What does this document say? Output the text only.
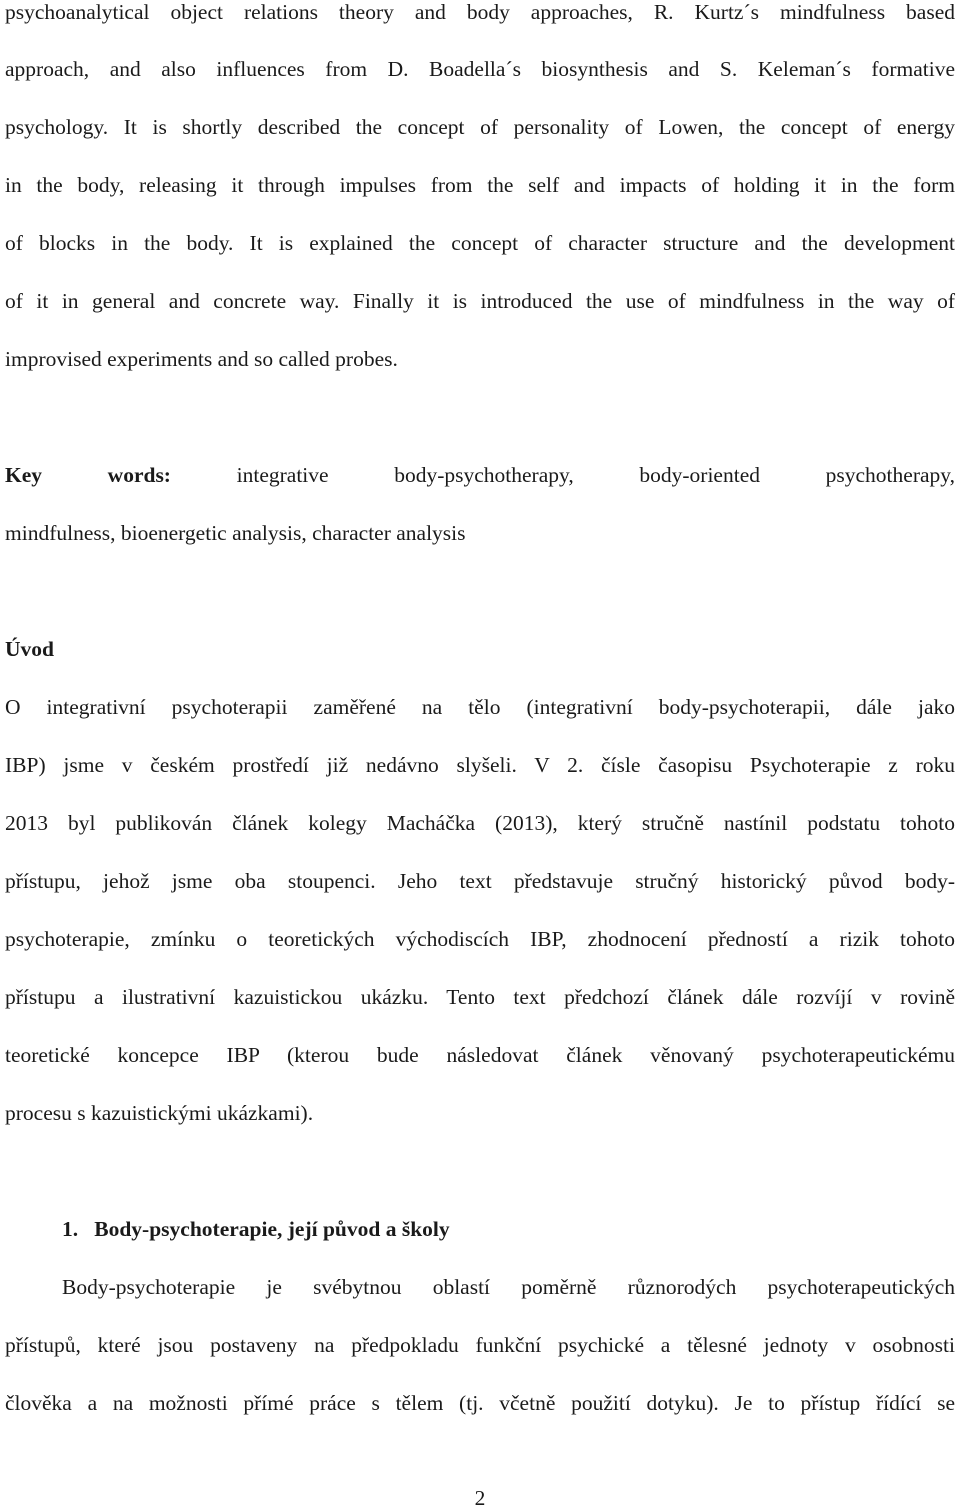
psychoanalytical object relations theory and body approaches, R. Kurtz´s mindfulness based
approach, and also influences from D. Boadella´s biosynthesis and S. Keleman´s formative
psychology. It is shortly described the concept of personality of Lowen, the concept of energy
in the body, releasing it through impulses from the self and impacts of holding it in the form
of blocks in the body. It is explained the concept of character structure and the development
of it in general and concrete way. Finally it is introduced the use of mindfulness in the way of
improvised experiments and so called probes.
Key words:	integrative body-psychotherapy, body-oriented psychotherapy,
mindfulness, bioenergetic analysis, character analysis
Úvod
O integrativní psychoterapii zaměřené na tělo (integrativní body-psychoterapii, dále jako
IBP) jsme v českém prostředí již nedávno slyšeli. V 2. čísle časopisu Psychoterapie z roku
2013 byl publikován článek kolegy Macháčka (2013), který stručně nastínil podstatu tohoto
přístupu, jehož jsme oba stoupenci. Jeho text představuje stručný historický původ body-
psychoterapie, zmínku o teoretických východiscích IBP, zhodnocení předností a rizik tohoto
přístupu a ilustrativní kazuistickou ukázku. Tento text předchozí článek dále rozvíjí v rovině
teoretické koncepce IBP (kterou bude následovat článek věnovaný psychoterapeutickému
procesu s kazuistickými ukázkami).
1.   Body-psychoterapie, její původ a školy
Body-psychoterapie je svébytnou oblastí poměrně různorodých psychoterapeutických
přístupů, které jsou postaveny na předpokladu funkční psychické a tělesné jednoty v osobnosti
člověka a na možnosti přímé práce s tělem (tj. včetně použití dotyku). Je to přístup řídící se
2
